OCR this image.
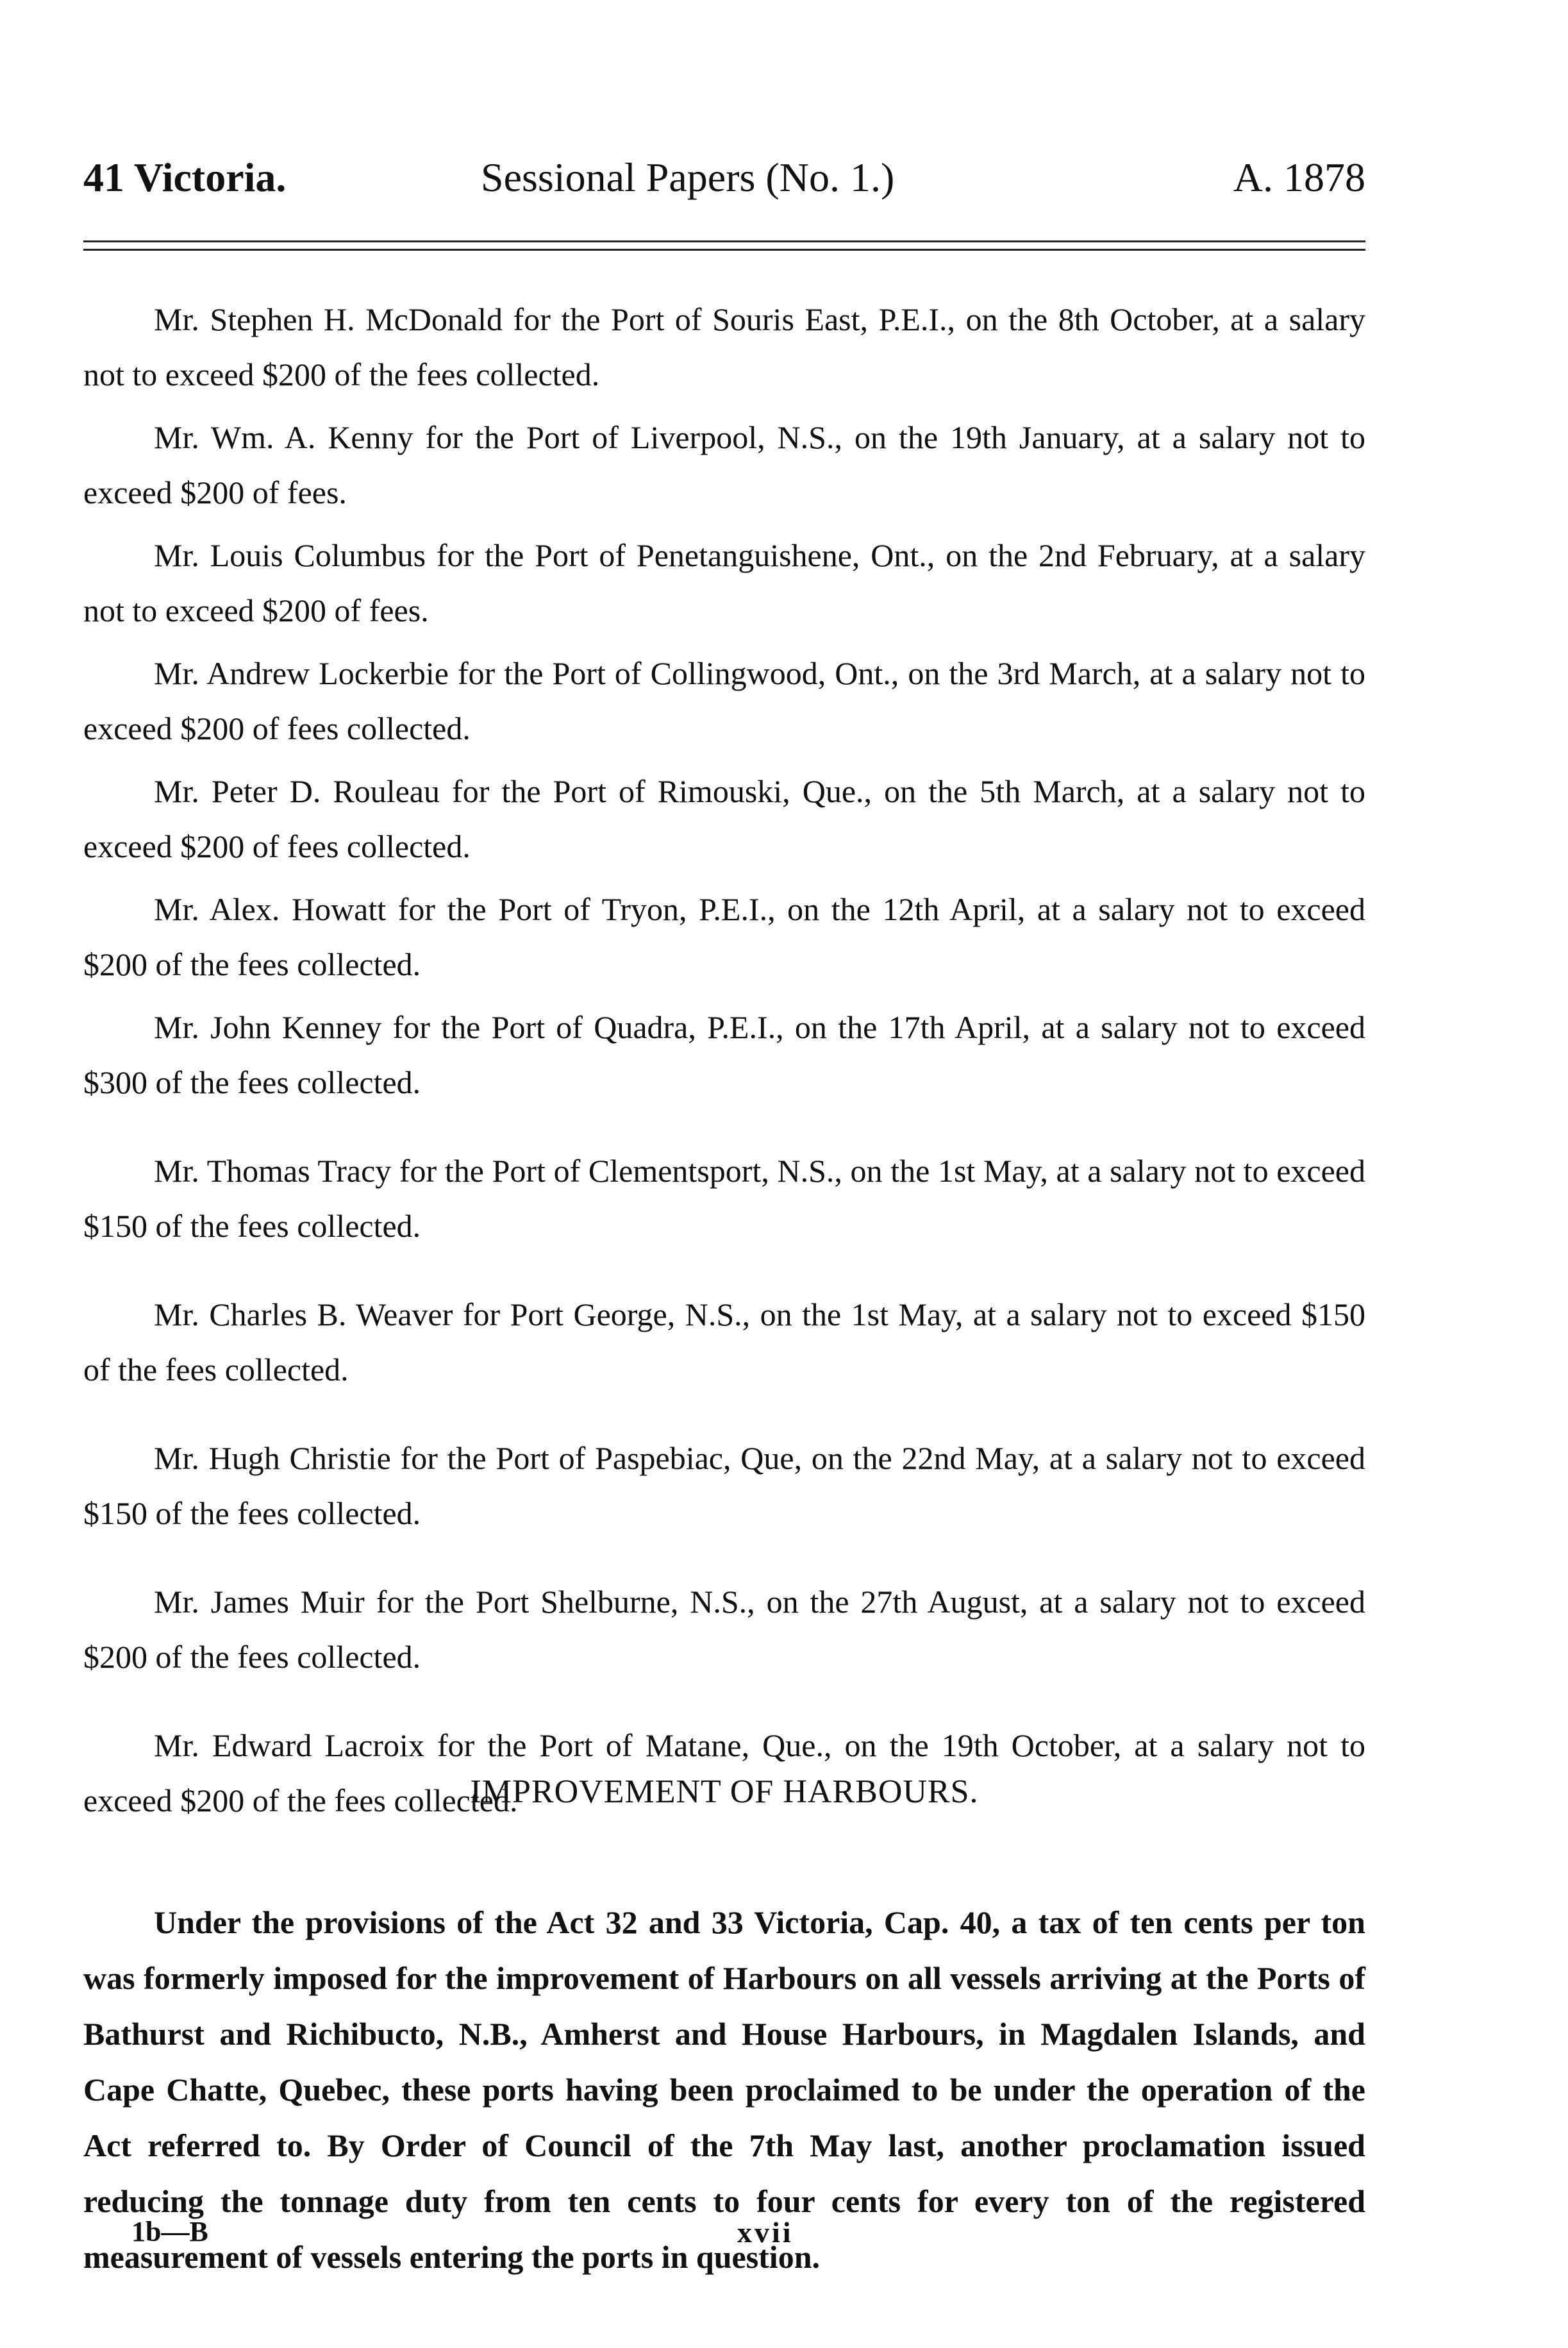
41 Victoria.	Sessional Papers (No. 1.)	A. 1878

Mr. Stephen H. McDonald for the Port of Souris East, P.E.I., on the 8th October, at a salary not to exceed $200 of the fees collected.

Mr. Wm. A. Kenny for the Port of Liverpool, N.S., on the 19th January, at a salary not to exceed $200 of fees.

Mr. Louis Columbus for the Port of Penetanguishene, Ont., on the 2nd February, at a salary not to exceed $200 of fees.

Mr. Andrew Lockerbie for the Port of Collingwood, Ont., on the 3rd March, at a salary not to exceed $200 of fees collected.

Mr. Peter D. Rouleau for the Port of Rimouski, Que., on the 5th March, at a salary not to exceed $200 of fees collected.

Mr. Alex. Howatt for the Port of Tryon, P.E.I., on the 12th April, at a salary not to exceed $200 of the fees collected.

Mr. John Kenney for the Port of Quadra, P.E.I., on the 17th April, at a salary not to exceed $300 of the fees collected.

Mr. Thomas Tracy for the Port of Clementsport, N.S., on the 1st May, at a salary not to exceed $150 of the fees collected.

Mr. Charles B. Weaver for Port George, N.S., on the 1st May, at a salary not to exceed $150 of the fees collected.

Mr. Hugh Christie for the Port of Paspebiac, Que, on the 22nd May, at a salary not to exceed $150 of the fees collected.

Mr. James Muir for the Port Shelburne, N.S., on the 27th August, at a salary not to exceed $200 of the fees collected.

Mr. Edward Lacroix for the Port of Matane, Que., on the 19th October, at a salary not to exceed $200 of the fees collected.

IMPROVEMENT OF HARBOURS.

Under the provisions of the Act 32 and 33 Victoria, Cap. 40, a tax of ten cents per ton was formerly imposed for the improvement of Harbours on all vessels arriving at the Ports of Bathurst and Richibucto, N.B., Amherst and House Harbours, in Magdalen Islands, and Cape Chatte, Quebec, these ports having been proclaimed to be under the operation of the Act referred to. By Order of Council of the 7th May last, another proclamation issued reducing the tonnage duty from ten cents to four cents for every ton of the registered measurement of vessels entering the ports in question.

1b—B	xvii
